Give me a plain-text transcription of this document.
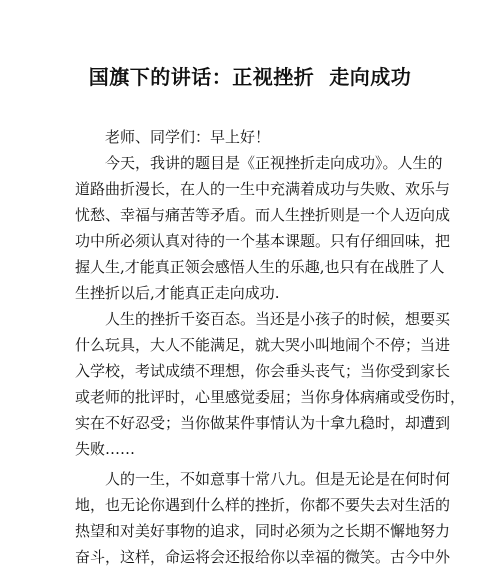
国旗下的讲话：正视挫折  走向成功
老师、同学们：早上好！
今天，我讲的题目是《正视挫折走向成功》。人生的
道路曲折漫长，在人的一生中充满着成功与失败、欢乐与
忧愁、幸福与痛苦等矛盾。而人生挫折则是一个人迈向成
功中所必须认真对待的一个基本课题。只有仔细回味，把
握人生,才能真正领会感悟人生的乐趣,也只有在战胜了人
生挫折以后,才能真正走向成功.
人生的挫折千姿百态。当还是小孩子的时候，想要买
什么玩具，大人不能满足，就大哭小叫地闹个不停；当进
入学校，考试成绩不理想，你会垂头丧气；当你受到家长
或老师的批评时，心里感觉委屈；当你身体病痛或受伤时，
实在不好忍受；当你做某件事情认为十拿九稳时，却遭到
失败……
人的一生，不如意事十常八九。但是无论是在何时何
地，也无论你遇到什么样的挫折，你都不要失去对生活的
热望和对美好事物的追求，同时必须为之长期不懈地努力
奋斗，这样，命运将会还报给你以幸福的微笑。古今中外
